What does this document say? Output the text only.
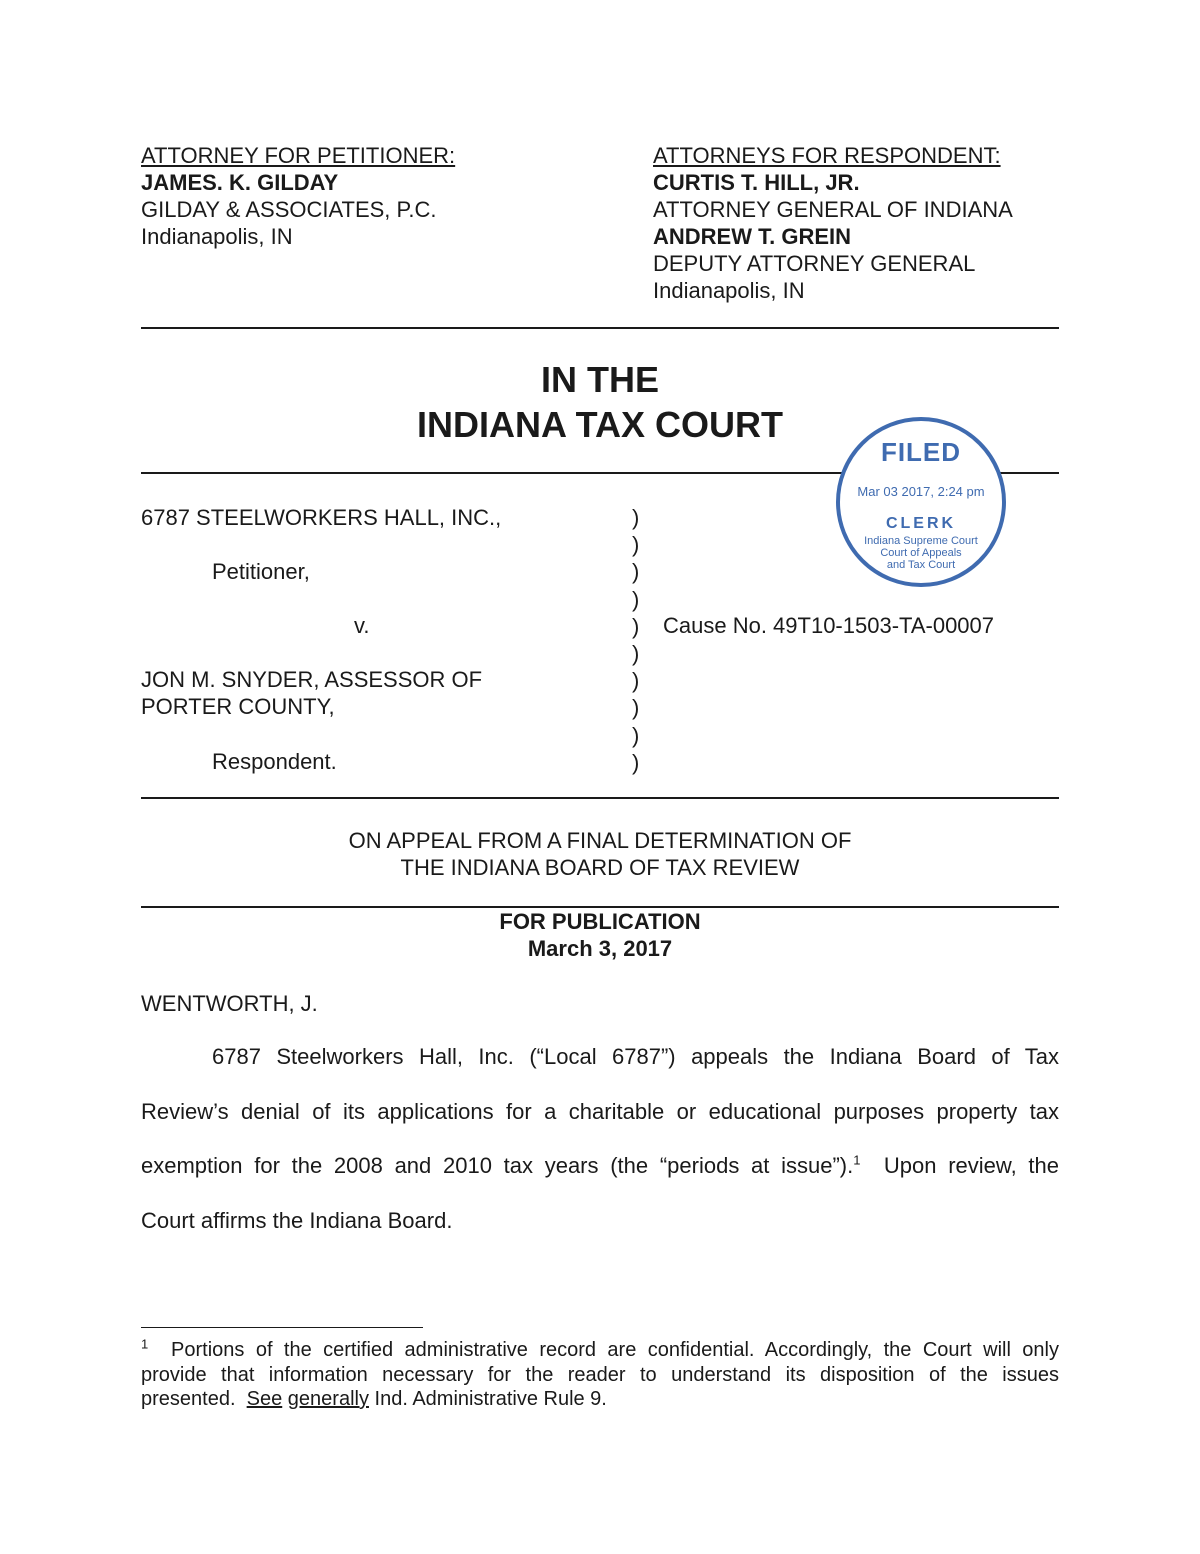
ATTORNEY FOR PETITIONER:
JAMES. K. GILDAY
GILDAY & ASSOCIATES, P.C.
Indianapolis, IN
ATTORNEYS FOR RESPONDENT:
CURTIS T. HILL, JR.
ATTORNEY GENERAL OF INDIANA
ANDREW T. GREIN
DEPUTY ATTORNEY GENERAL
Indianapolis, IN
IN THE
INDIANA TAX COURT
FILED
Mar 03 2017, 2:24 pm
CLERK
Indiana Supreme Court
Court of Appeals
and Tax Court
6787 STEELWORKERS HALL, INC.,
Petitioner,
v.
JON M. SNYDER, ASSESSOR OF
PORTER COUNTY,
Respondent.
)
)
)
)
)
)
)
)
)
)
Cause No. 49T10-1503-TA-00007
ON APPEAL FROM A FINAL DETERMINATION OF
THE INDIANA BOARD OF TAX REVIEW
FOR PUBLICATION
March 3, 2017
WENTWORTH, J.
6787 Steelworkers Hall, Inc. (“Local 6787”) appeals the Indiana Board of Tax
Review’s denial of its applications for a charitable or educational purposes property tax
exemption for the 2008 and 2010 tax years (the “periods at issue”).$^1$ Upon review, the
Court affirms the Indiana Board.
$^1$ Portions of the certified administrative record are confidential. Accordingly, the Court will only
provide that information necessary for the reader to understand its disposition of the issues
presented. See generally Ind. Administrative Rule 9.
